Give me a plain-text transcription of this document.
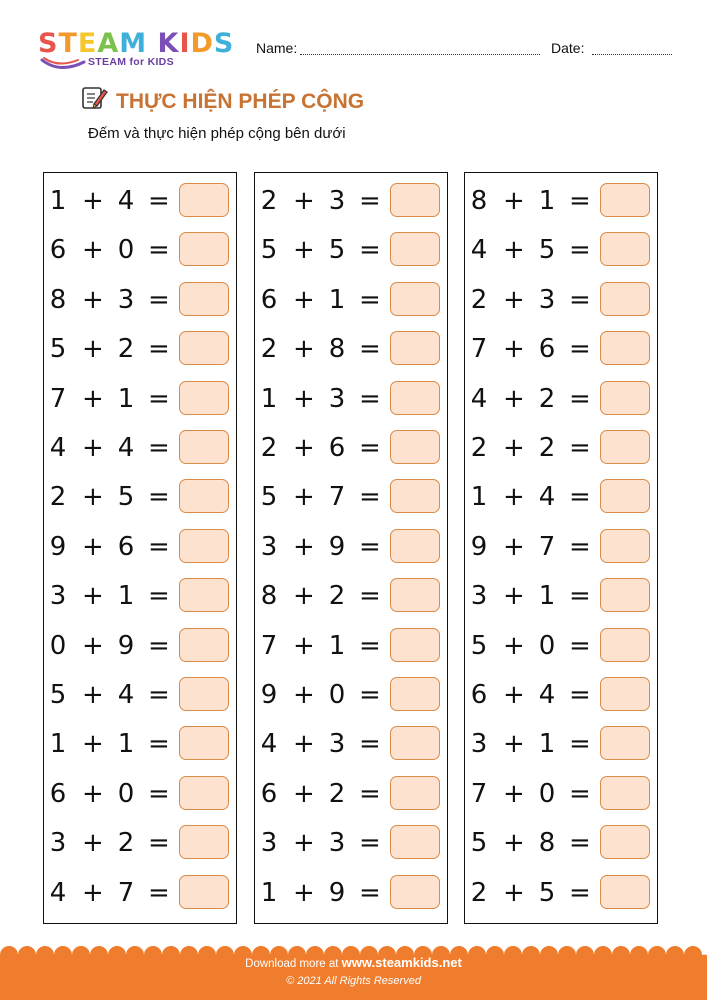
STEAM KIDS
STEAM for KIDS
Name:	Date:
THỰC HIỆN PHÉP CỘNG
Đếm và thực hiện phép cộng bên dưới
1 + 4 =
6 + 0 =
8 + 3 =
5 + 2 =
7 + 1 =
4 + 4 =
2 + 5 =
9 + 6 =
3 + 1 =
0 + 9 =
5 + 4 =
1 + 1 =
6 + 0 =
3 + 2 =
4 + 7 =
2 + 3 =
5 + 5 =
6 + 1 =
2 + 8 =
1 + 3 =
2 + 6 =
5 + 7 =
3 + 9 =
8 + 2 =
7 + 1 =
9 + 0 =
4 + 3 =
6 + 2 =
3 + 3 =
1 + 9 =
8 + 1 =
4 + 5 =
2 + 3 =
7 + 6 =
4 + 2 =
2 + 2 =
1 + 4 =
9 + 7 =
3 + 1 =
5 + 0 =
6 + 4 =
3 + 1 =
7 + 0 =
5 + 8 =
2 + 5 =
Download more at www.steamkids.net
© 2021 All Rights Reserved
